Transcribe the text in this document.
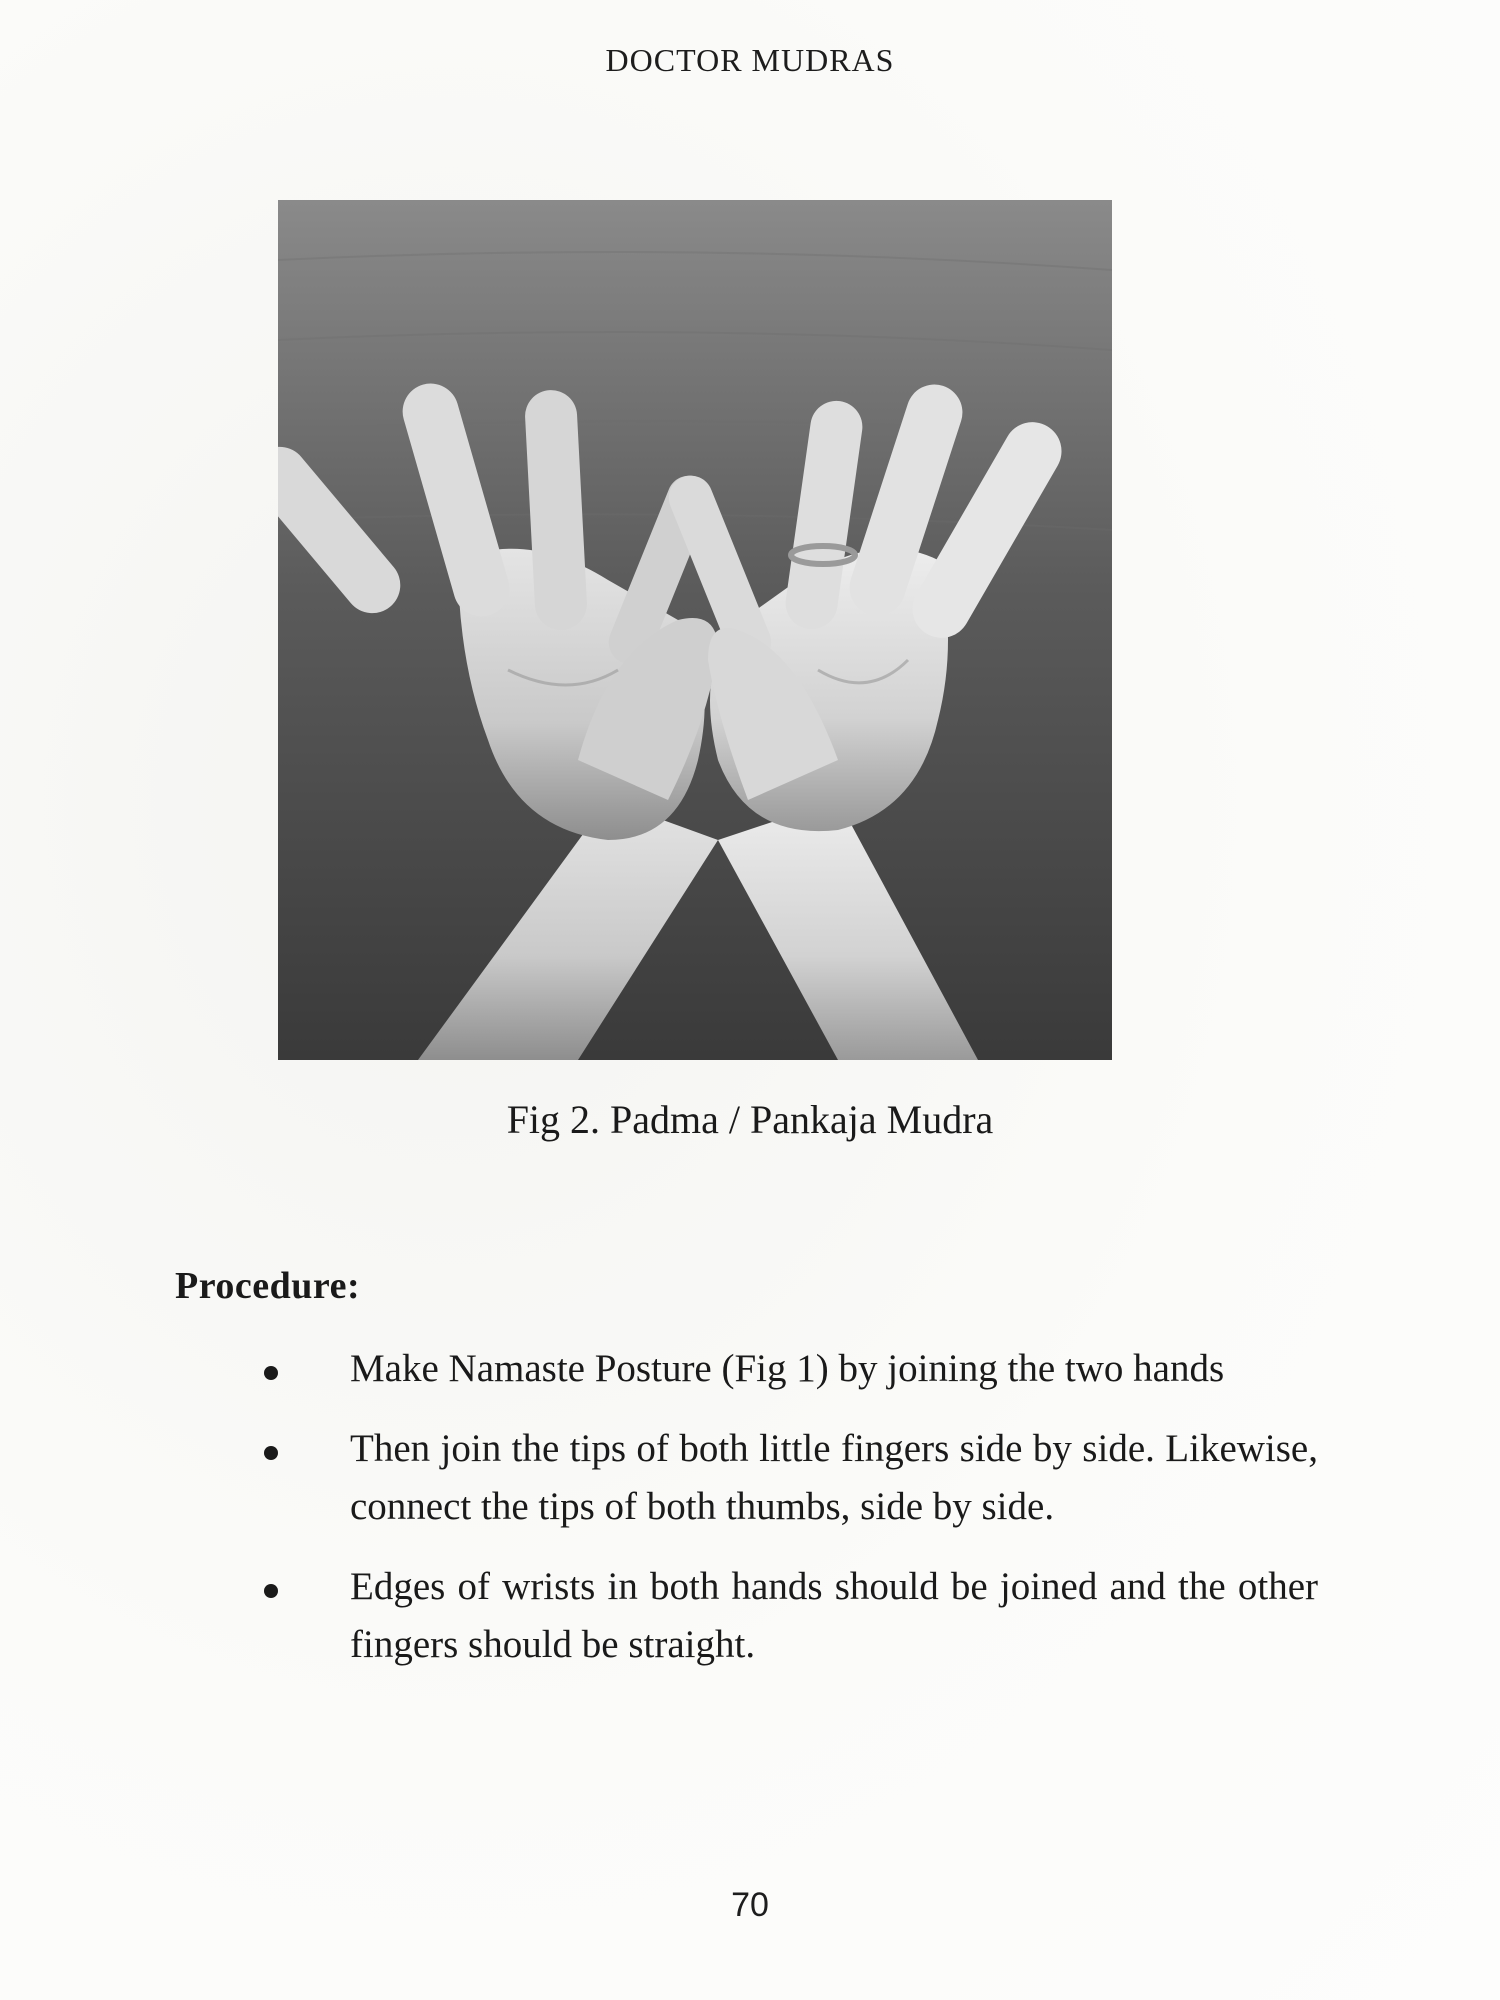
DOCTOR MUDRAS
Fig 2. Padma / Pankaja Mudra
Procedure:
Make Namaste Posture (Fig 1) by joining the two hands
Then join the tips of both little fingers side by side. Likewise, connect the tips of both thumbs, side by side.
Edges of wrists in both hands should be joined and the other fingers should be straight.
70
